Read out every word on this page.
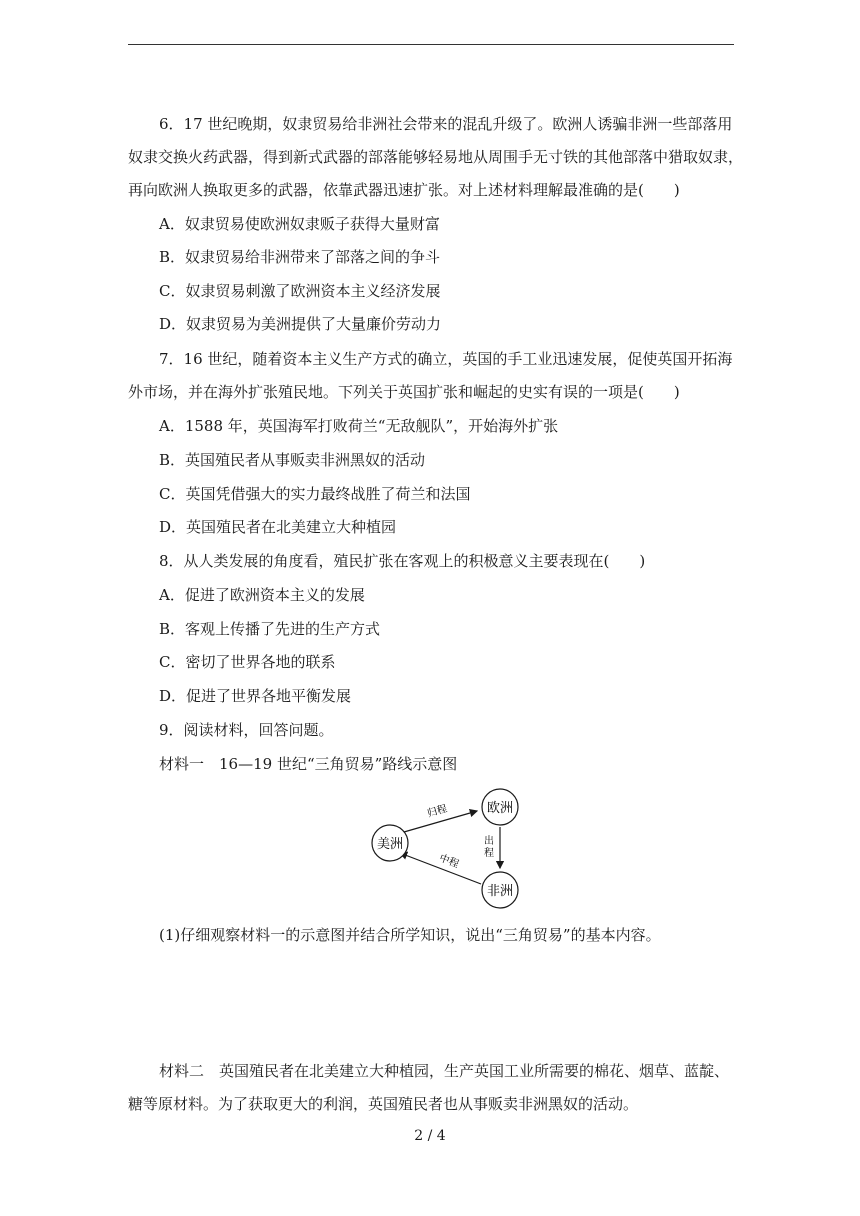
6．17 世纪晚期，奴隶贸易给非洲社会带来的混乱升级了。欧洲人诱骗非洲一些部落用
奴隶交换火药武器，得到新式武器的部落能够轻易地从周围手无寸铁的其他部落中猎取奴隶，
再向欧洲人换取更多的武器，依靠武器迅速扩张。对上述材料理解最准确的是(　　)
A．奴隶贸易使欧洲奴隶贩子获得大量财富
B．奴隶贸易给非洲带来了部落之间的争斗
C．奴隶贸易刺激了欧洲资本主义经济发展
D．奴隶贸易为美洲提供了大量廉价劳动力
7．16 世纪，随着资本主义生产方式的确立，英国的手工业迅速发展，促使英国开拓海
外市场，并在海外扩张殖民地。下列关于英国扩张和崛起的史实有误的一项是(　　)
A．1588 年，英国海军打败荷兰“无敌舰队”，开始海外扩张
B．英国殖民者从事贩卖非洲黑奴的活动
C．英国凭借强大的实力最终战胜了荷兰和法国
D．英国殖民者在北美建立大种植园
8．从人类发展的角度看，殖民扩张在客观上的积极意义主要表现在(　　)
A．促进了欧洲资本主义的发展
B．客观上传播了先进的生产方式
C．密切了世界各地的联系
D．促进了世界各地平衡发展
9．阅读材料，回答问题。
材料一　16—19 世纪“三角贸易”路线示意图
欧洲
美洲
非洲
归程
出
程
中程
(1)仔细观察材料一的示意图并结合所学知识，说出“三角贸易”的基本内容。
材料二　英国殖民者在北美建立大种植园，生产英国工业所需要的棉花、烟草、蓝靛、
糖等原材料。为了获取更大的利润，英国殖民者也从事贩卖非洲黑奴的活动。
2 / 4
